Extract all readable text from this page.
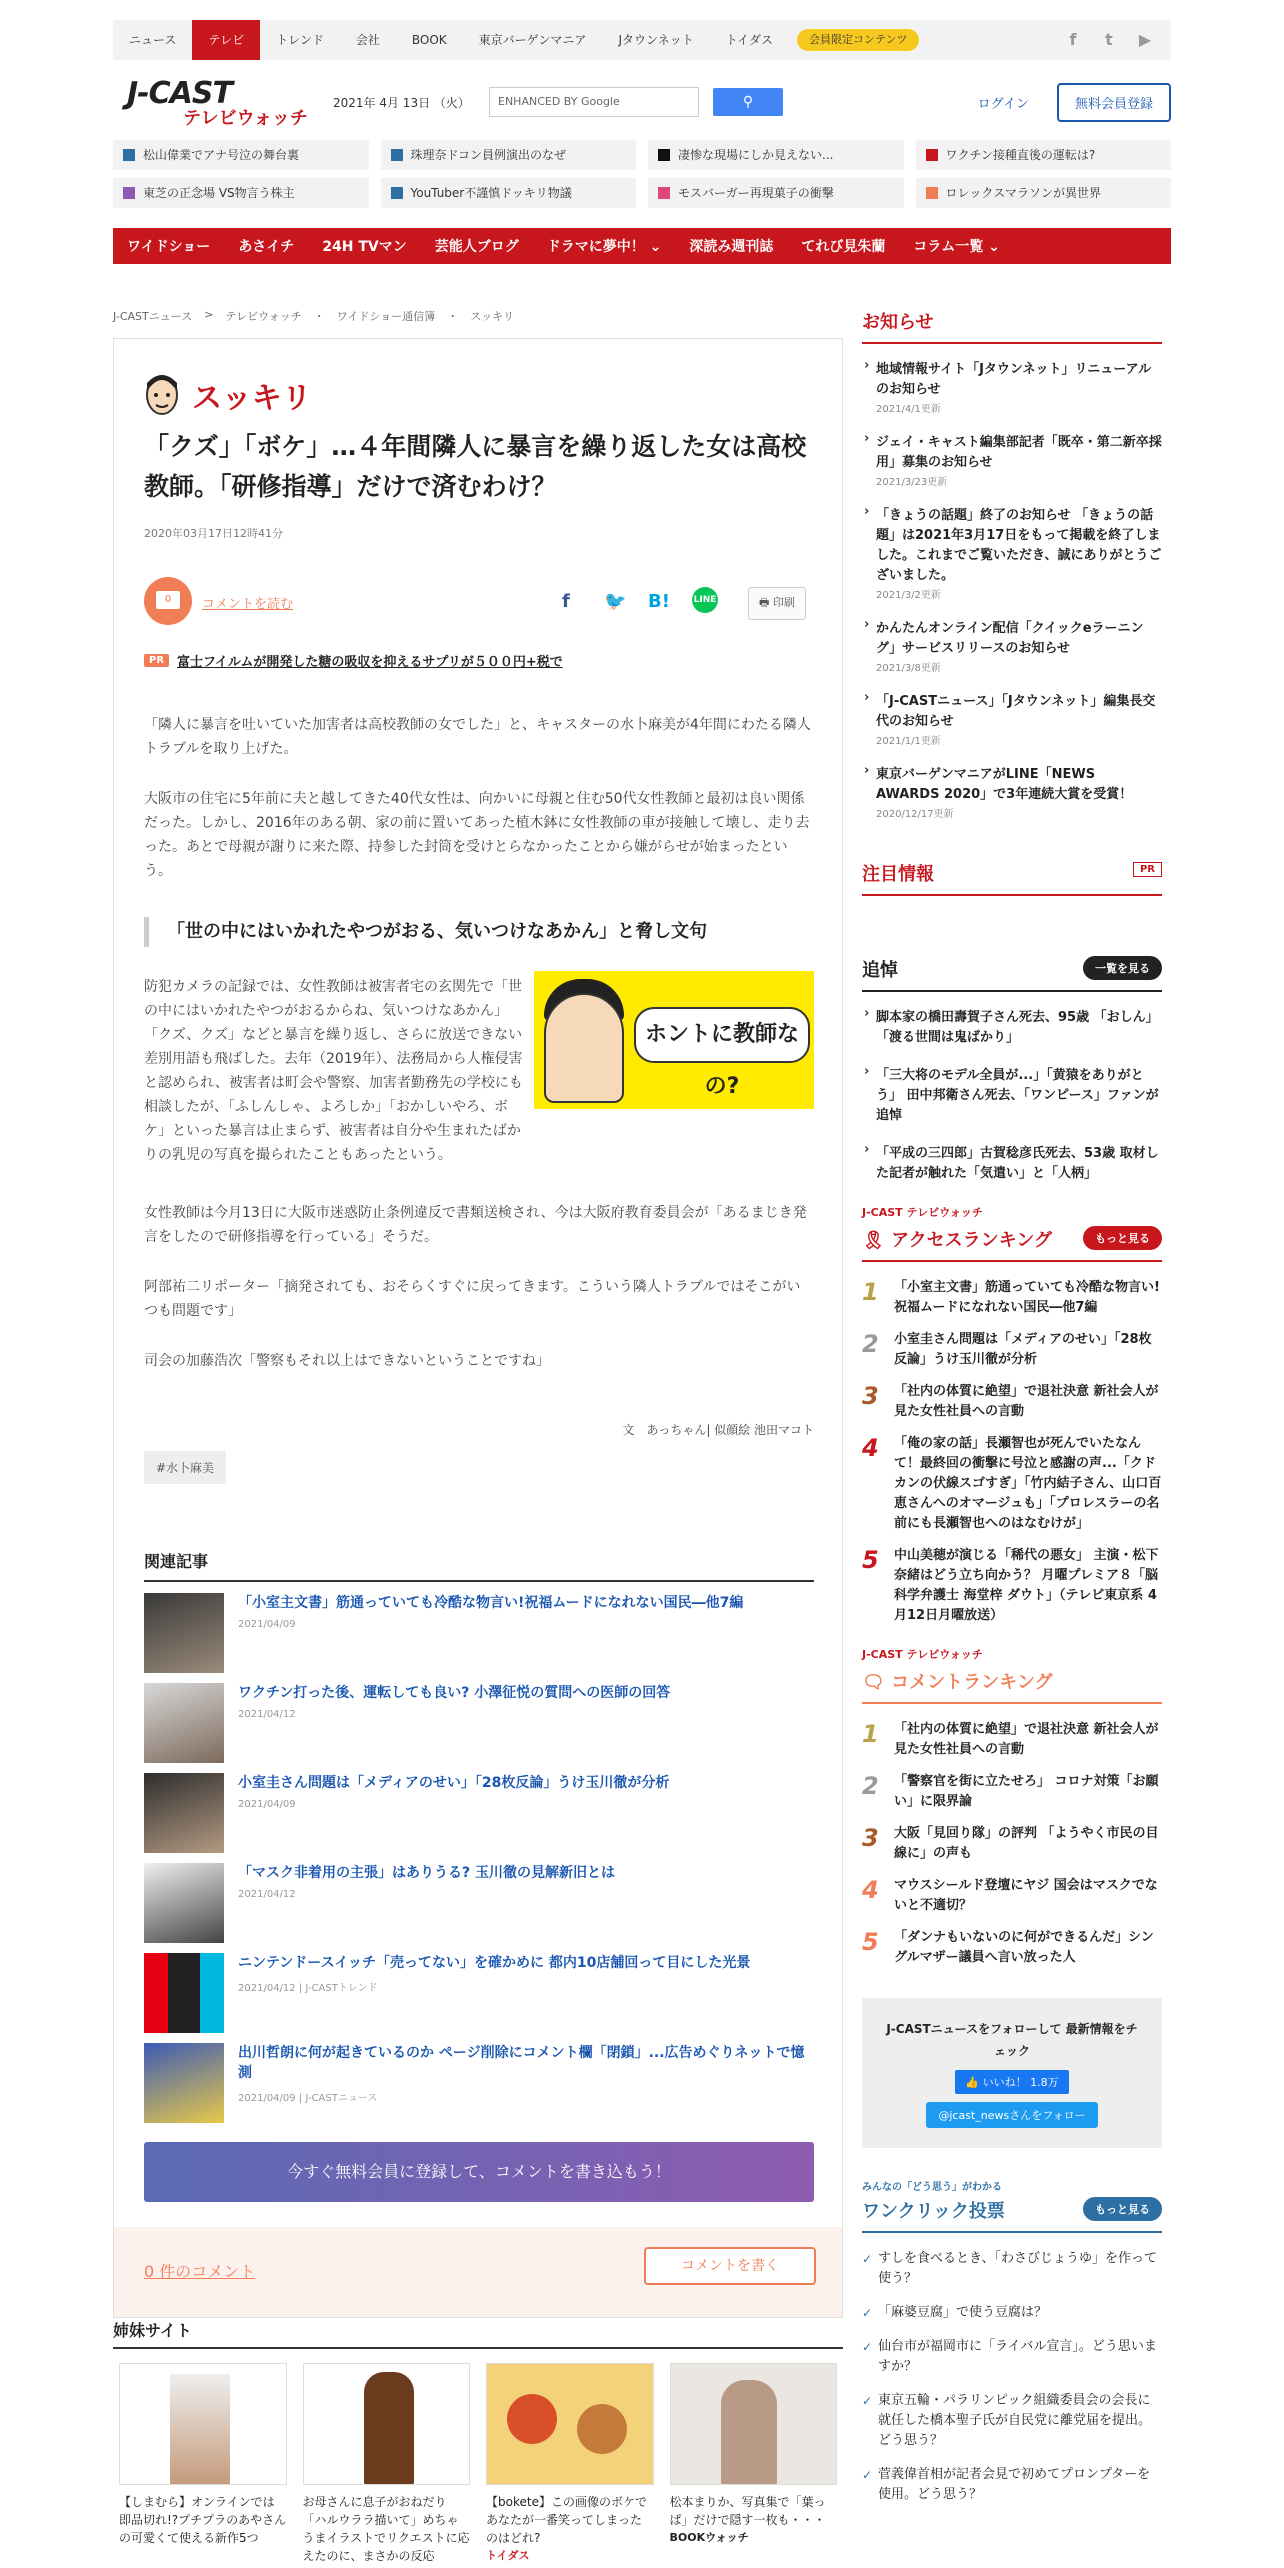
ニュース	テレビ	トレンド	会社	BOOK	東京バーゲンマニア	Jタウンネット	トイダス	会員限定コンテンツ	f	t	▶
J-CAST
テレビウォッチ
2021年 4月 13日 （火）	ENHANCED BY Google	⚲	ログイン	無料会員登録
松山偉業でアナ号泣の舞台裏	珠理奈ドコン員例演出のなぜ	凄惨な現場にしか見えない...	ワクチン接種直後の運転は?
東芝の正念場 VS物言う株主	YouTuber不謹慎ドッキリ物議	モスバーガー再現菓子の衝撃	ロレックスマラソンが異世界
ワイドショー	あさイチ	24H TVマン	芸能人ブログ	ドラマに夢中！ ⌄	深読み週刊誌	てれび見朱蘭	コラム一覧 ⌄
J-CASTニュース > テレビウォッチ ・ ワイドショー通信簿 ・ スッキリ
スッキリ
「クズ」「ボケ」…４年間隣人に暴言を繰り返した女は高校教師。「研修指導」だけで済むわけ？
2020年03月17日12時41分
0	コメントを読む	f 🐦 B!	LINE	🖶 印刷
PR	富士フイルムが開発した糖の吸収を抑えるサプリが５００円+税で

「隣人に暴言を吐いていた加害者は高校教師の女でした」と、キャスターの水卜麻美が4年間にわたる隣人トラブルを取り上げた。

大阪市の住宅に5年前に夫と越してきた40代女性は、向かいに母親と住む50代女性教師と最初は良い関係だった。しかし、2016年のある朝、家の前に置いてあった植木鉢に女性教師の車が接触して壊し、走り去った。あとで母親が謝りに来た際、持参した封筒を受けとらなかったことから嫌がらせが始まったという。

「世の中にはいかれたやつがおる、気いつけなあかん」と脅し文句
ホントに教師なの?

防犯カメラの記録では、女性教師は被害者宅の玄関先で「世の中にはいかれたやつがおるからね、気いつけなあかん」「クズ、クズ」などと暴言を繰り返し、さらに放送できない差別用語も飛ばした。去年（2019年）、法務局から人権侵害と認められ、被害者は町会や警察、加害者勤務先の学校にも相談したが、「ふしんしゃ、よろしか」「おかしいやろ、ボケ」といった暴言は止まらず、被害者は自分や生まれたばかりの乳児の写真を撮られたこともあったという。

女性教師は今月13日に大阪市迷惑防止条例違反で書類送検され、今は大阪府教育委員会が「あるまじき発言をしたので研修指導を行っている」そうだ。

阿部祐二リポーター「摘発されても、おそらくすぐに戻ってきます。こういう隣人トラブルではそこがいつも問題です」

司会の加藤浩次「警察もそれ以上はできないということですね」

文　あっちゃん| 似顔絵 池田マコト
#水卜麻美
関連記事
「小室主文書」筋通っていても冷酷な物言い!祝福ムードになれない国民―他7編
2021/04/09
ワクチン打った後、運転しても良い? 小澤征悦の質問への医師の回答
2021/04/12
小室圭さん問題は「メディアのせい」「28枚反論」うけ玉川徹が分析
2021/04/09
「マスク非着用の主張」はありうる? 玉川徹の見解新旧とは
2021/04/12
ニンテンドースイッチ「売ってない」を確かめに 都内10店舗回って目にした光景
2021/04/12 | J-CASTトレンド
出川哲朗に何が起きているのか ページ削除にコメント欄「閉鎖」...広告めぐりネットで憶測
2021/04/09 | J-CASTニュース
今すぐ無料会員に登録して、コメントを書き込もう！
0 件のコメント	コメントを書く
姉妹サイト
【しまむら】オンラインでは即品切れ!?プチプラのあやさんの可愛くて使える新作5つ
お母さんに息子がおねだり「ハルウララ描いて」めちゃうまイラストでリクエストに応えたのに、まさかの反応
【bokete】この画像のボケであなたが一番笑ってしまったのはどれ?
トイダス
松本まりか、写真集で「葉っぱ」だけで隠す一枚も・・・
BOOKウォッチ
お知らせ
› 地域情報サイト「Jタウンネット」リニューアルのお知らせ
2021/4/1更新
› ジェイ・キャスト編集部記者「既卒・第二新卒採用」募集のお知らせ
2021/3/23更新
› 「きょうの話題」終了のお知らせ 「きょうの話題」は2021年3月17日をもって掲載を終了しました。これまでご覧いただき、誠にありがとうございました。
2021/3/2更新
› かんたんオンライン配信「クイックeラーニング」サービスリリースのお知らせ
2021/3/8更新
› 「J-CASTニュース」「Jタウンネット」編集長交代のお知らせ
2021/1/1更新
› 東京バーゲンマニアがLINE「NEWS AWARDS 2020」で3年連続大賞を受賞！
2020/12/17更新
注目情報	PR
追悼	一覧を見る
› 脚本家の橋田壽賀子さん死去、95歳 「おしん」「渡る世間は鬼ばかり」
› 「三大将のモデル全員が...」「黄猿をありがとう」 田中邦衛さん死去、「ワンピース」ファンが追悼
› 「平成の三四郎」古賀稔彦氏死去、53歳 取材した記者が触れた「気遣い」と「人柄」
J-CAST テレビウォッチ
🎗 アクセスランキング	もっと見る
1 「小室主文書」筋通っていても冷酷な物言い!祝福ムードになれない国民―他7編
2 小室圭さん問題は「メディアのせい」「28枚反論」うけ玉川徹が分析
3 「社内の体質に絶望」で退社決意 新社会人が見た女性社員への言動
4 「俺の家の話」長瀬智也が死んでいたなんて！最終回の衝撃に号泣と感謝の声...「クドカンの伏線スゴすぎ」「竹内結子さん、山口百恵さんへのオマージュも」「プロレスラーの名前にも長瀬智也へのはなむけが」
5 中山美穂が演じる「稀代の悪女」 主演・松下奈緒はどう立ち向かう？ 月曜プレミア８「脳科学弁護士 海堂梓 ダウト」（テレビ東京系 4月12日月曜放送）
J-CAST テレビウォッチ
🗨 コメントランキング
1 「社内の体質に絶望」で退社決意 新社会人が見た女性社員への言動
2 「警察官を街に立たせろ」 コロナ対策「お願い」に限界論
3 大阪「見回り隊」の評判 「ようやく市民の目線に」の声も
4 マウスシールド登壇にヤジ 国会はマスクでないと不適切？
5 「ダンナもいないのに何ができるんだ」シングルマザー議員へ言い放った人
J-CASTニュースをフォローして 最新情報をチェック
👍 いいね！ 1.8万
@jcast_newsさんをフォロー
みんなの「どう思う」がわかる
ワンクリック投票	もっと見る
✓ すしを食べるとき、「わさびじょうゆ」を作って使う？
✓ 「麻婆豆腐」で使う豆腐は？
✓ 仙台市が福岡市に「ライバル宣言」。どう思いますか？
✓ 東京五輪・パラリンピック組織委員会の会長に就任した橋本聖子氏が自民党に離党届を提出。どう思う？
✓ 菅義偉首相が記者会見で初めてプロンプターを使用。どう思う？
